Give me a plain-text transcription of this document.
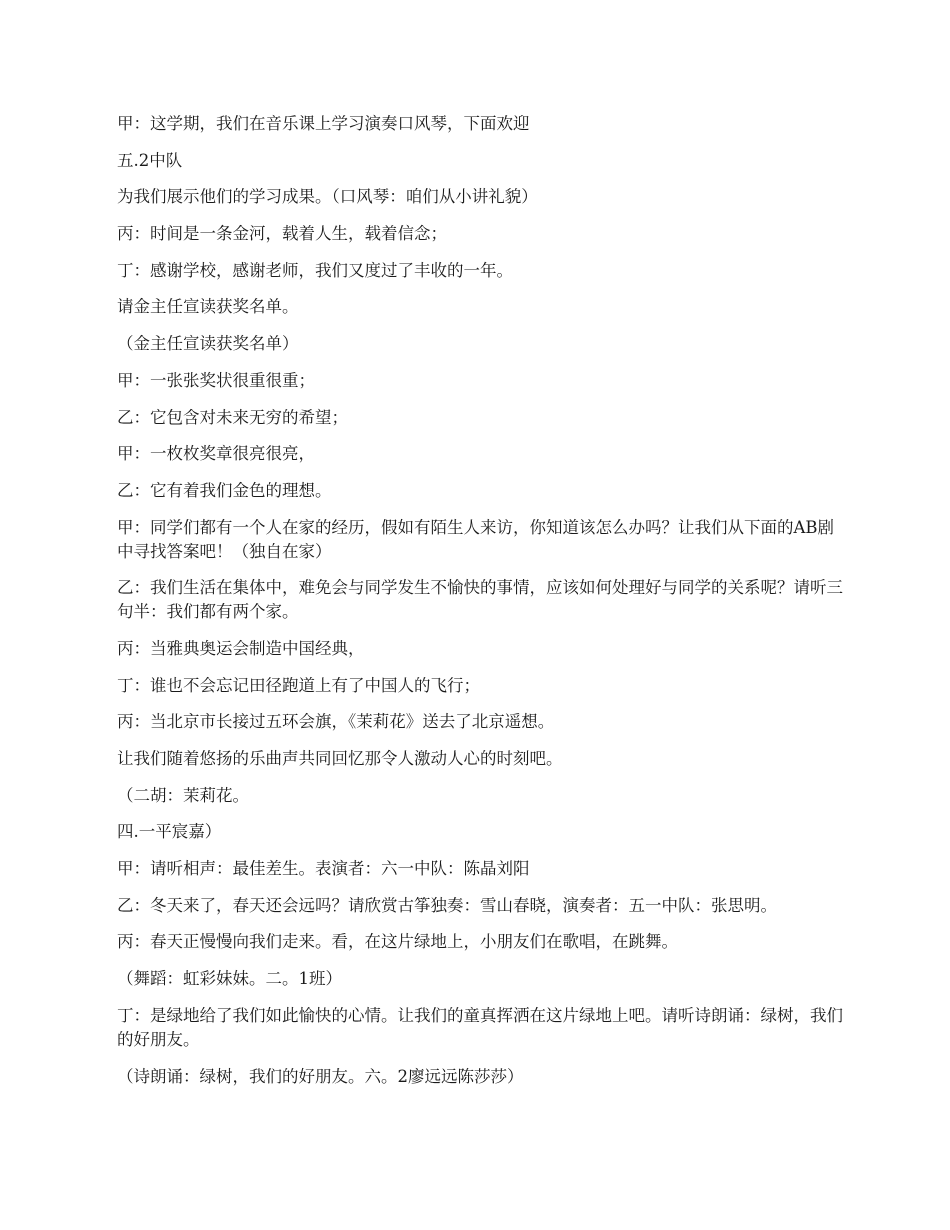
甲：这学期，我们在音乐课上学习演奏口风琴，下面欢迎

五.2中队

为我们展示他们的学习成果。（口风琴：咱们从小讲礼貌）

丙：时间是一条金河，载着人生，载着信念；

丁：感谢学校，感谢老师，我们又度过了丰收的一年。

请金主任宣读获奖名单。

（金主任宣读获奖名单）

甲：一张张奖状很重很重；

乙：它包含对未来无穷的希望；

甲：一枚枚奖章很亮很亮，

乙：它有着我们金色的理想。

甲：同学们都有一个人在家的经历，假如有陌生人来访，你知道该怎么办吗？让我们从下面的AB剧中寻找答案吧！（独自在家）

乙：我们生活在集体中，难免会与同学发生不愉快的事情，应该如何处理好与同学的关系呢？请听三句半：我们都有两个家。

丙：当雅典奥运会制造中国经典，

丁：谁也不会忘记田径跑道上有了中国人的飞行；

丙：当北京市长接过五环会旗，《茉莉花》送去了北京遥想。

让我们随着悠扬的乐曲声共同回忆那令人激动人心的时刻吧。

（二胡：茉莉花。

四.一平宸嘉）

甲：请听相声：最佳差生。表演者：六一中队：陈晶刘阳

乙：冬天来了，春天还会远吗？请欣赏古筝独奏：雪山春晓，演奏者：五一中队：张思明。

丙：春天正慢慢向我们走来。看，在这片绿地上，小朋友们在歌唱，在跳舞。

（舞蹈：虹彩妹妹。二。1班）

丁：是绿地给了我们如此愉快的心情。让我们的童真挥洒在这片绿地上吧。请听诗朗诵：绿树，我们的好朋友。

（诗朗诵：绿树，我们的好朋友。六。2廖远远陈莎莎）
